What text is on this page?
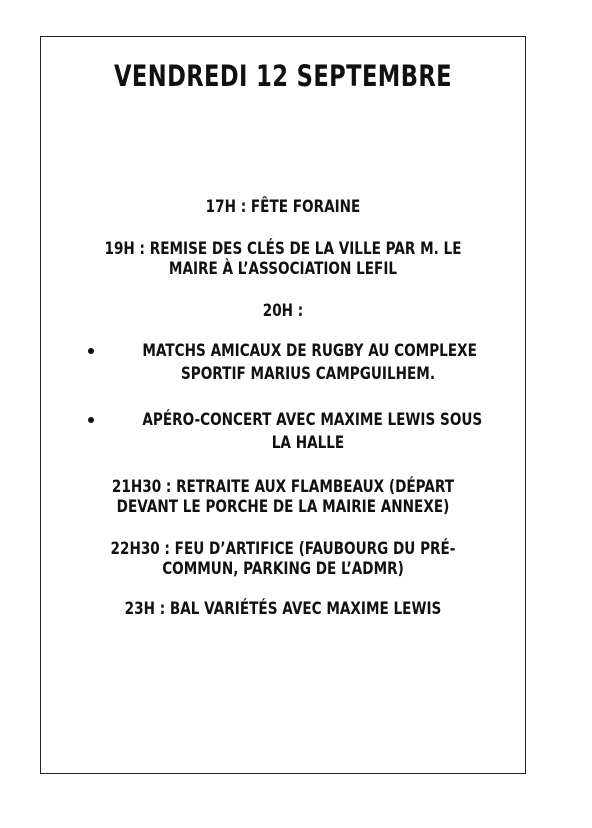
VENDREDI 12 SEPTEMBRE
17H : FÊTE FORAINE
19H : REMISE DES CLÉS DE LA VILLE PAR M. LE
MAIRE À L’ASSOCIATION LEFIL
20H :
MATCHS AMICAUX DE RUGBY AU COMPLEXE
SPORTIF MARIUS CAMPGUILHEM.
APÉRO-CONCERT AVEC MAXIME LEWIS SOUS
LA HALLE
21H30 : RETRAITE AUX FLAMBEAUX (DÉPART
DEVANT LE PORCHE DE LA MAIRIE ANNEXE)
22H30 : FEU D’ARTIFICE (FAUBOURG DU PRÉ-
COMMUN, PARKING DE L’ADMR)
23H : BAL VARIÉTÉS AVEC MAXIME LEWIS
